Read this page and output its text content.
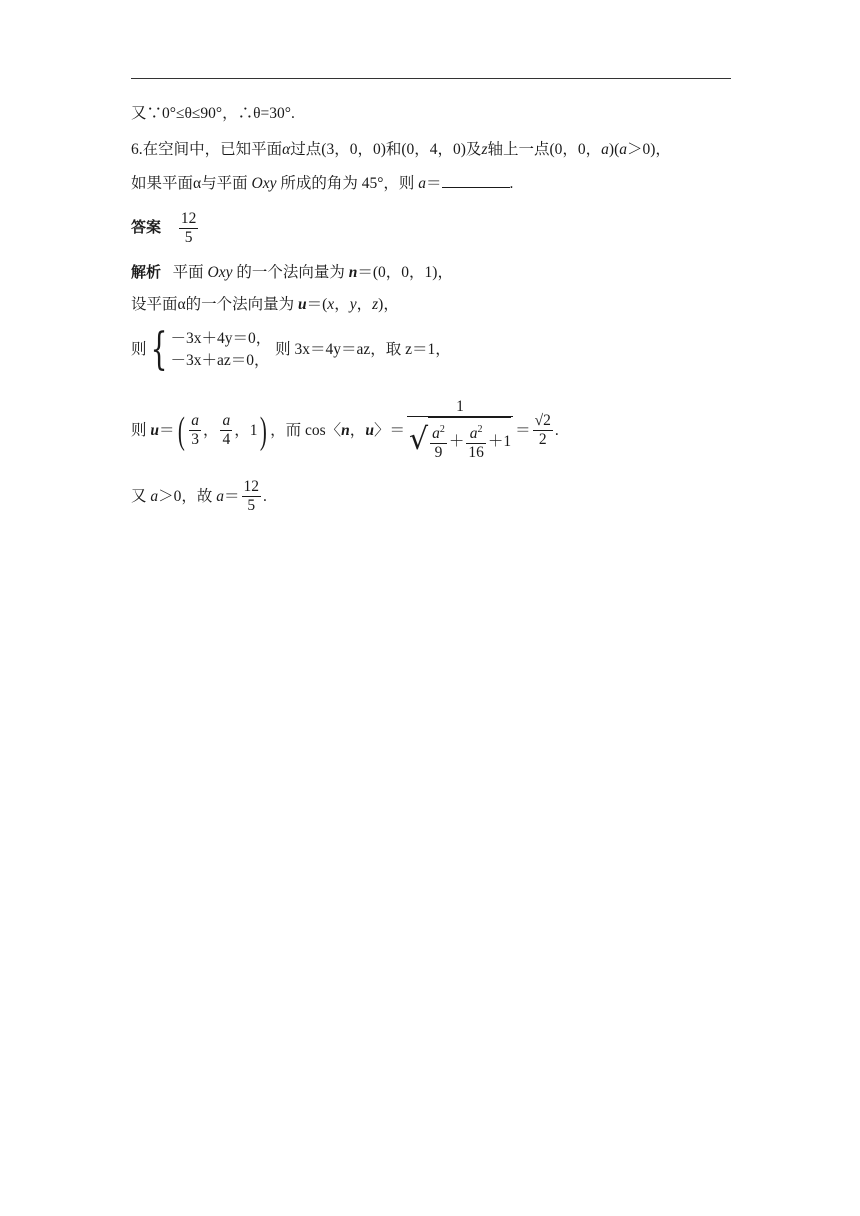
又∵0°≤θ≤90°，∴θ=30°.
6.在空间中，已知平面α过点(3，0，0)和(0，4，0)及z轴上一点(0，0，a)(a＞0)，
如果平面α与平面 Oxy 所成的角为 45°，则 a＝	.
答案 $\frac{12}{5}$
解析 平面 Oxy 的一个法向量为 n＝(0，0，1)，
设平面α的一个法向量为 u＝(x，y，z)，
则 { －3x＋4y＝0，
－3x＋az＝0，

则 3x＝4y＝az，取 z＝1，
则
u ＝ ( $\frac{a}{3}$ ， $\frac{a}{4}$ ， 1 ) ，而 cos〈 n ， u 〉＝
1
√ $\frac{a^2}{9} + \frac{a^2}{16} +1$
＝ $\frac{√2}{2}$ .
又
a ＞0，故
$a = \frac{12}{5}$ .
